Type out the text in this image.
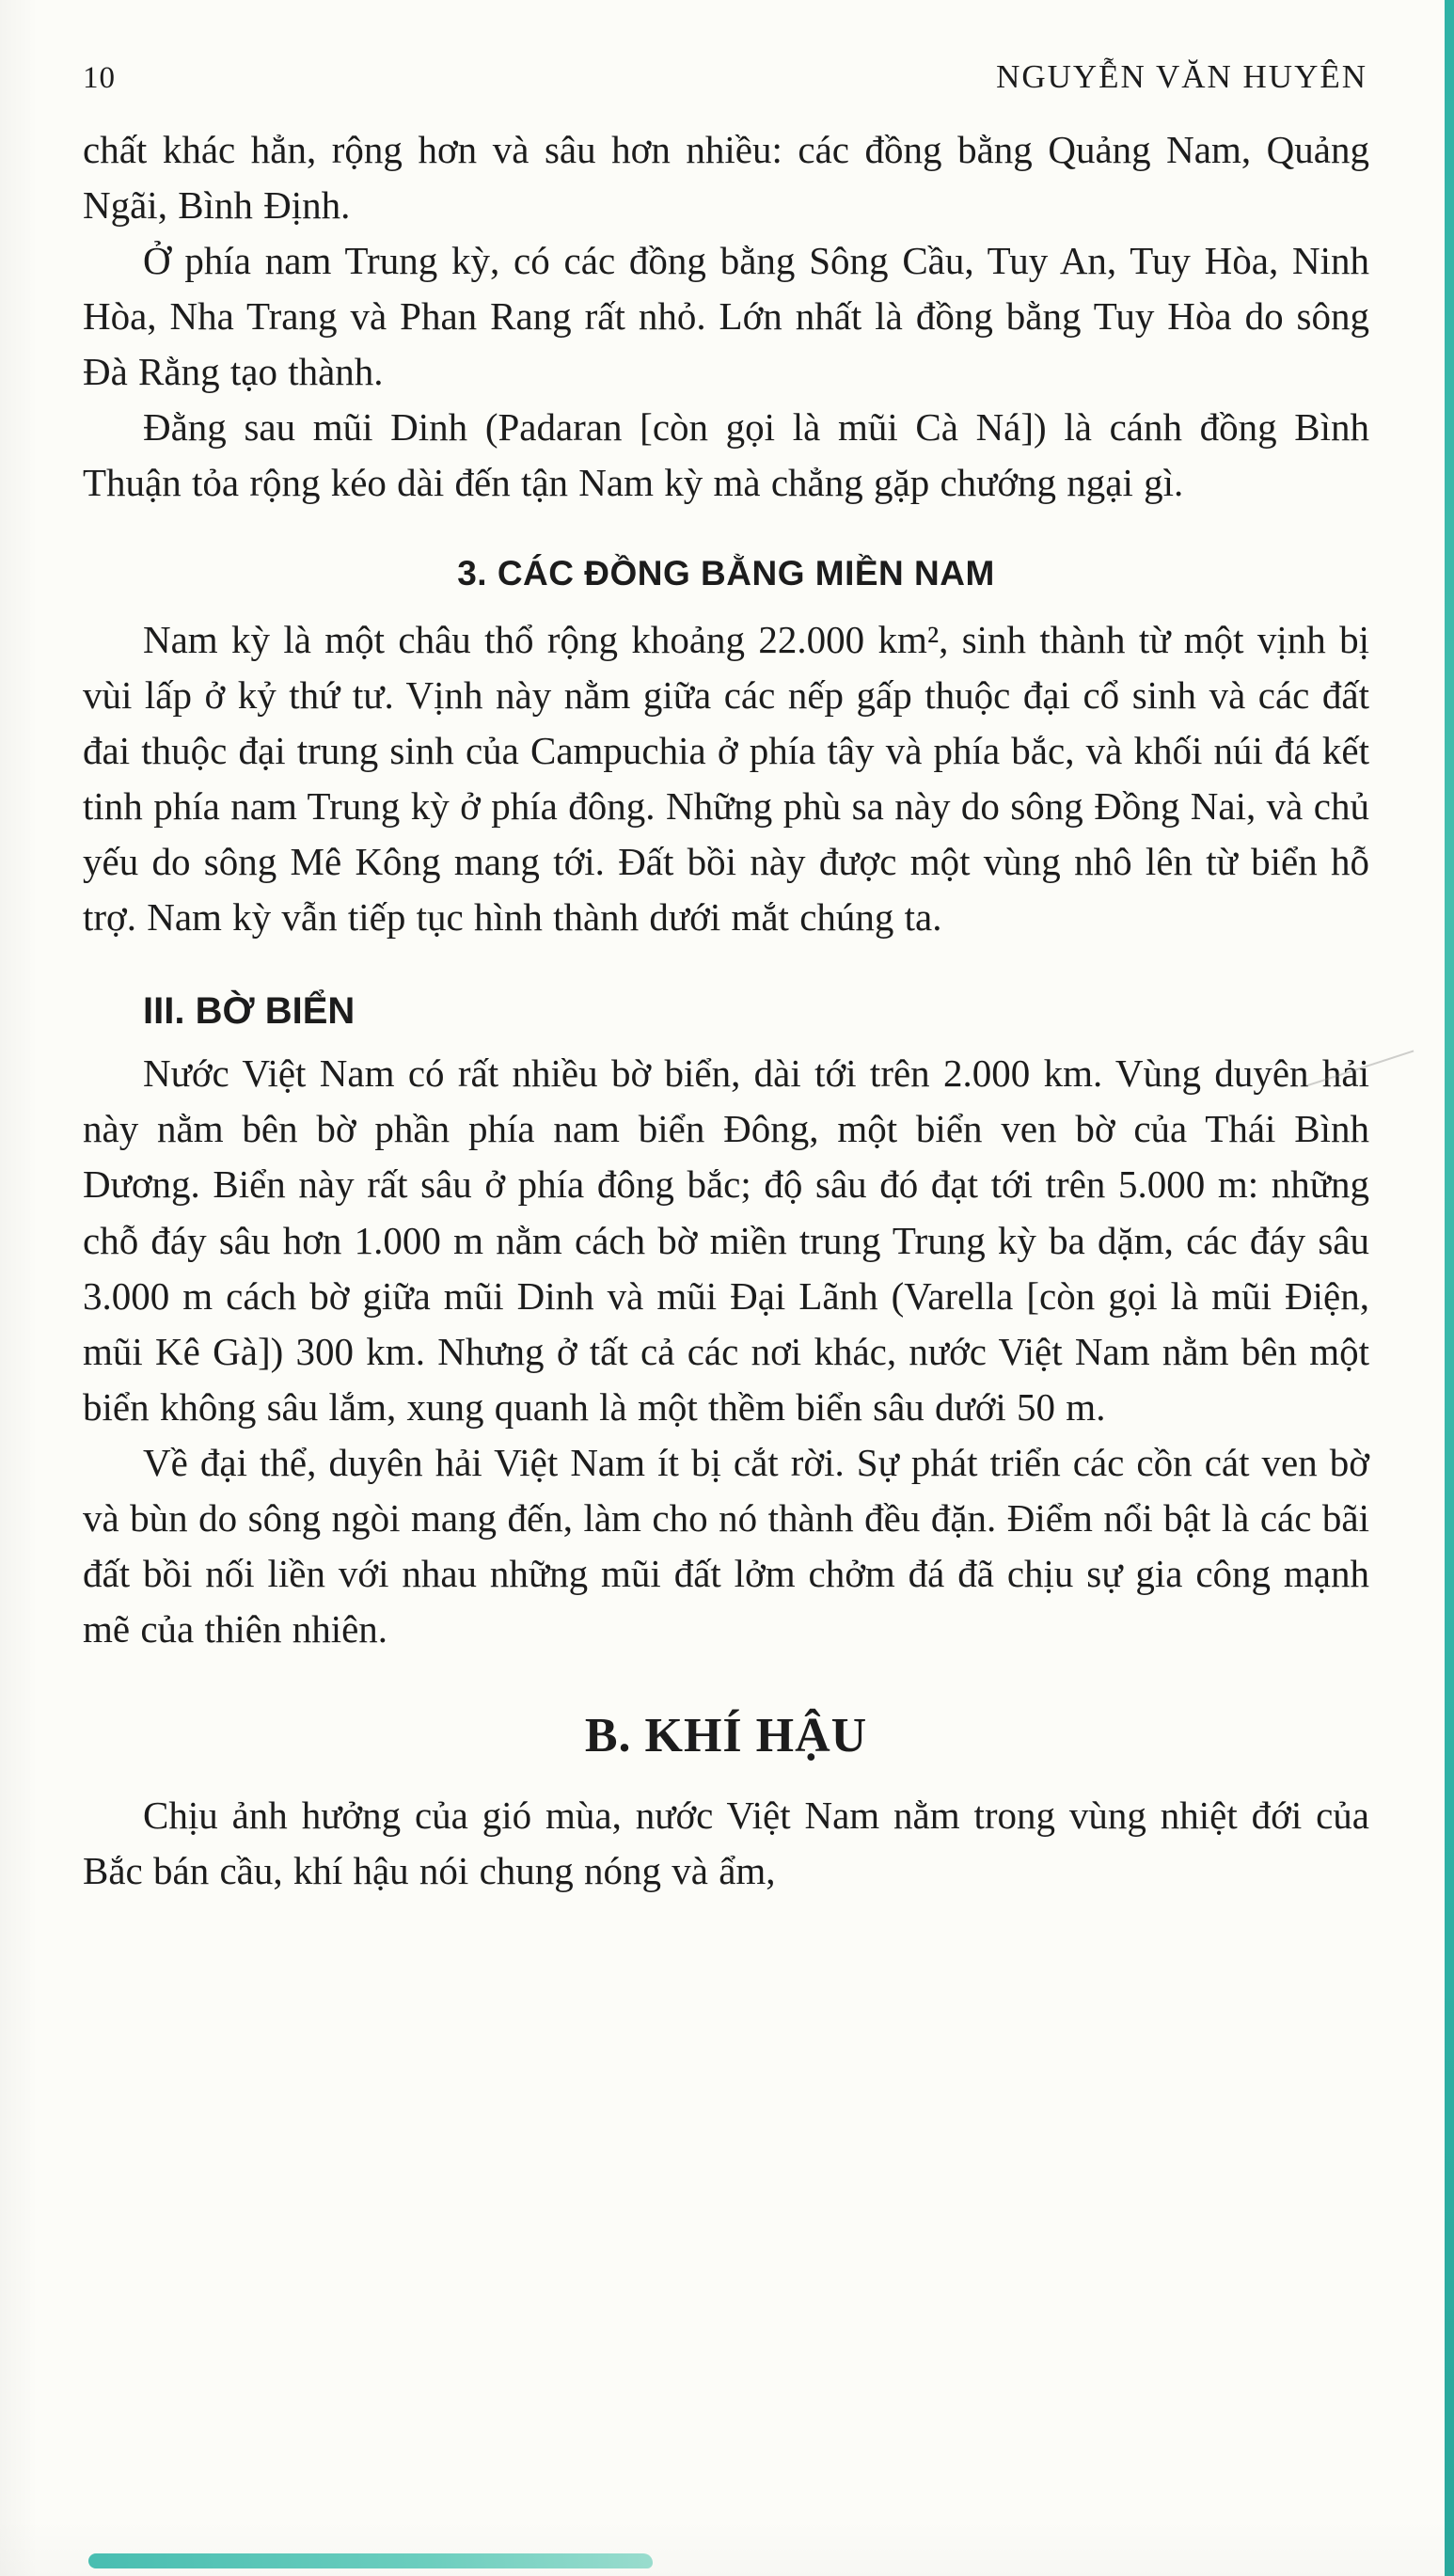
10	NGUYỄN VĂN HUYÊN

chất khác hẳn, rộng hơn và sâu hơn nhiều: các đồng bằng Quảng Nam, Quảng Ngãi, Bình Định.

Ở phía nam Trung kỳ, có các đồng bằng Sông Cầu, Tuy An, Tuy Hòa, Ninh Hòa, Nha Trang và Phan Rang rất nhỏ. Lớn nhất là đồng bằng Tuy Hòa do sông Đà Rằng tạo thành.

Đằng sau mũi Dinh (Padaran [còn gọi là mũi Cà Ná]) là cánh đồng Bình Thuận tỏa rộng kéo dài đến tận Nam kỳ mà chẳng gặp chướng ngại gì.

3. CÁC ĐỒNG BẰNG MIỀN NAM

Nam kỳ là một châu thổ rộng khoảng 22.000 km², sinh thành từ một vịnh bị vùi lấp ở kỷ thứ tư. Vịnh này nằm giữa các nếp gấp thuộc đại cổ sinh và các đất đai thuộc đại trung sinh của Campuchia ở phía tây và phía bắc, và khối núi đá kết tinh phía nam Trung kỳ ở phía đông. Những phù sa này do sông Đồng Nai, và chủ yếu do sông Mê Kông mang tới. Đất bồi này được một vùng nhô lên từ biển hỗ trợ. Nam kỳ vẫn tiếp tục hình thành dưới mắt chúng ta.

III. BỜ BIỂN

Nước Việt Nam có rất nhiều bờ biển, dài tới trên 2.000 km. Vùng duyên hải này nằm bên bờ phần phía nam biển Đông, một biển ven bờ của Thái Bình Dương. Biển này rất sâu ở phía đông bắc; độ sâu đó đạt tới trên 5.000 m: những chỗ đáy sâu hơn 1.000 m nằm cách bờ miền trung Trung kỳ ba dặm, các đáy sâu 3.000 m cách bờ giữa mũi Dinh và mũi Đại Lãnh (Varella [còn gọi là mũi Điện, mũi Kê Gà]) 300 km. Nhưng ở tất cả các nơi khác, nước Việt Nam nằm bên một biển không sâu lắm, xung quanh là một thềm biển sâu dưới 50 m.

Về đại thể, duyên hải Việt Nam ít bị cắt rời. Sự phát triển các cồn cát ven bờ và bùn do sông ngòi mang đến, làm cho nó thành đều đặn. Điểm nổi bật là các bãi đất bồi nối liền với nhau những mũi đất lởm chởm đá đã chịu sự gia công mạnh mẽ của thiên nhiên.

B. KHÍ HẬU

Chịu ảnh hưởng của gió mùa, nước Việt Nam nằm trong vùng nhiệt đới của Bắc bán cầu, khí hậu nói chung nóng và ẩm,
